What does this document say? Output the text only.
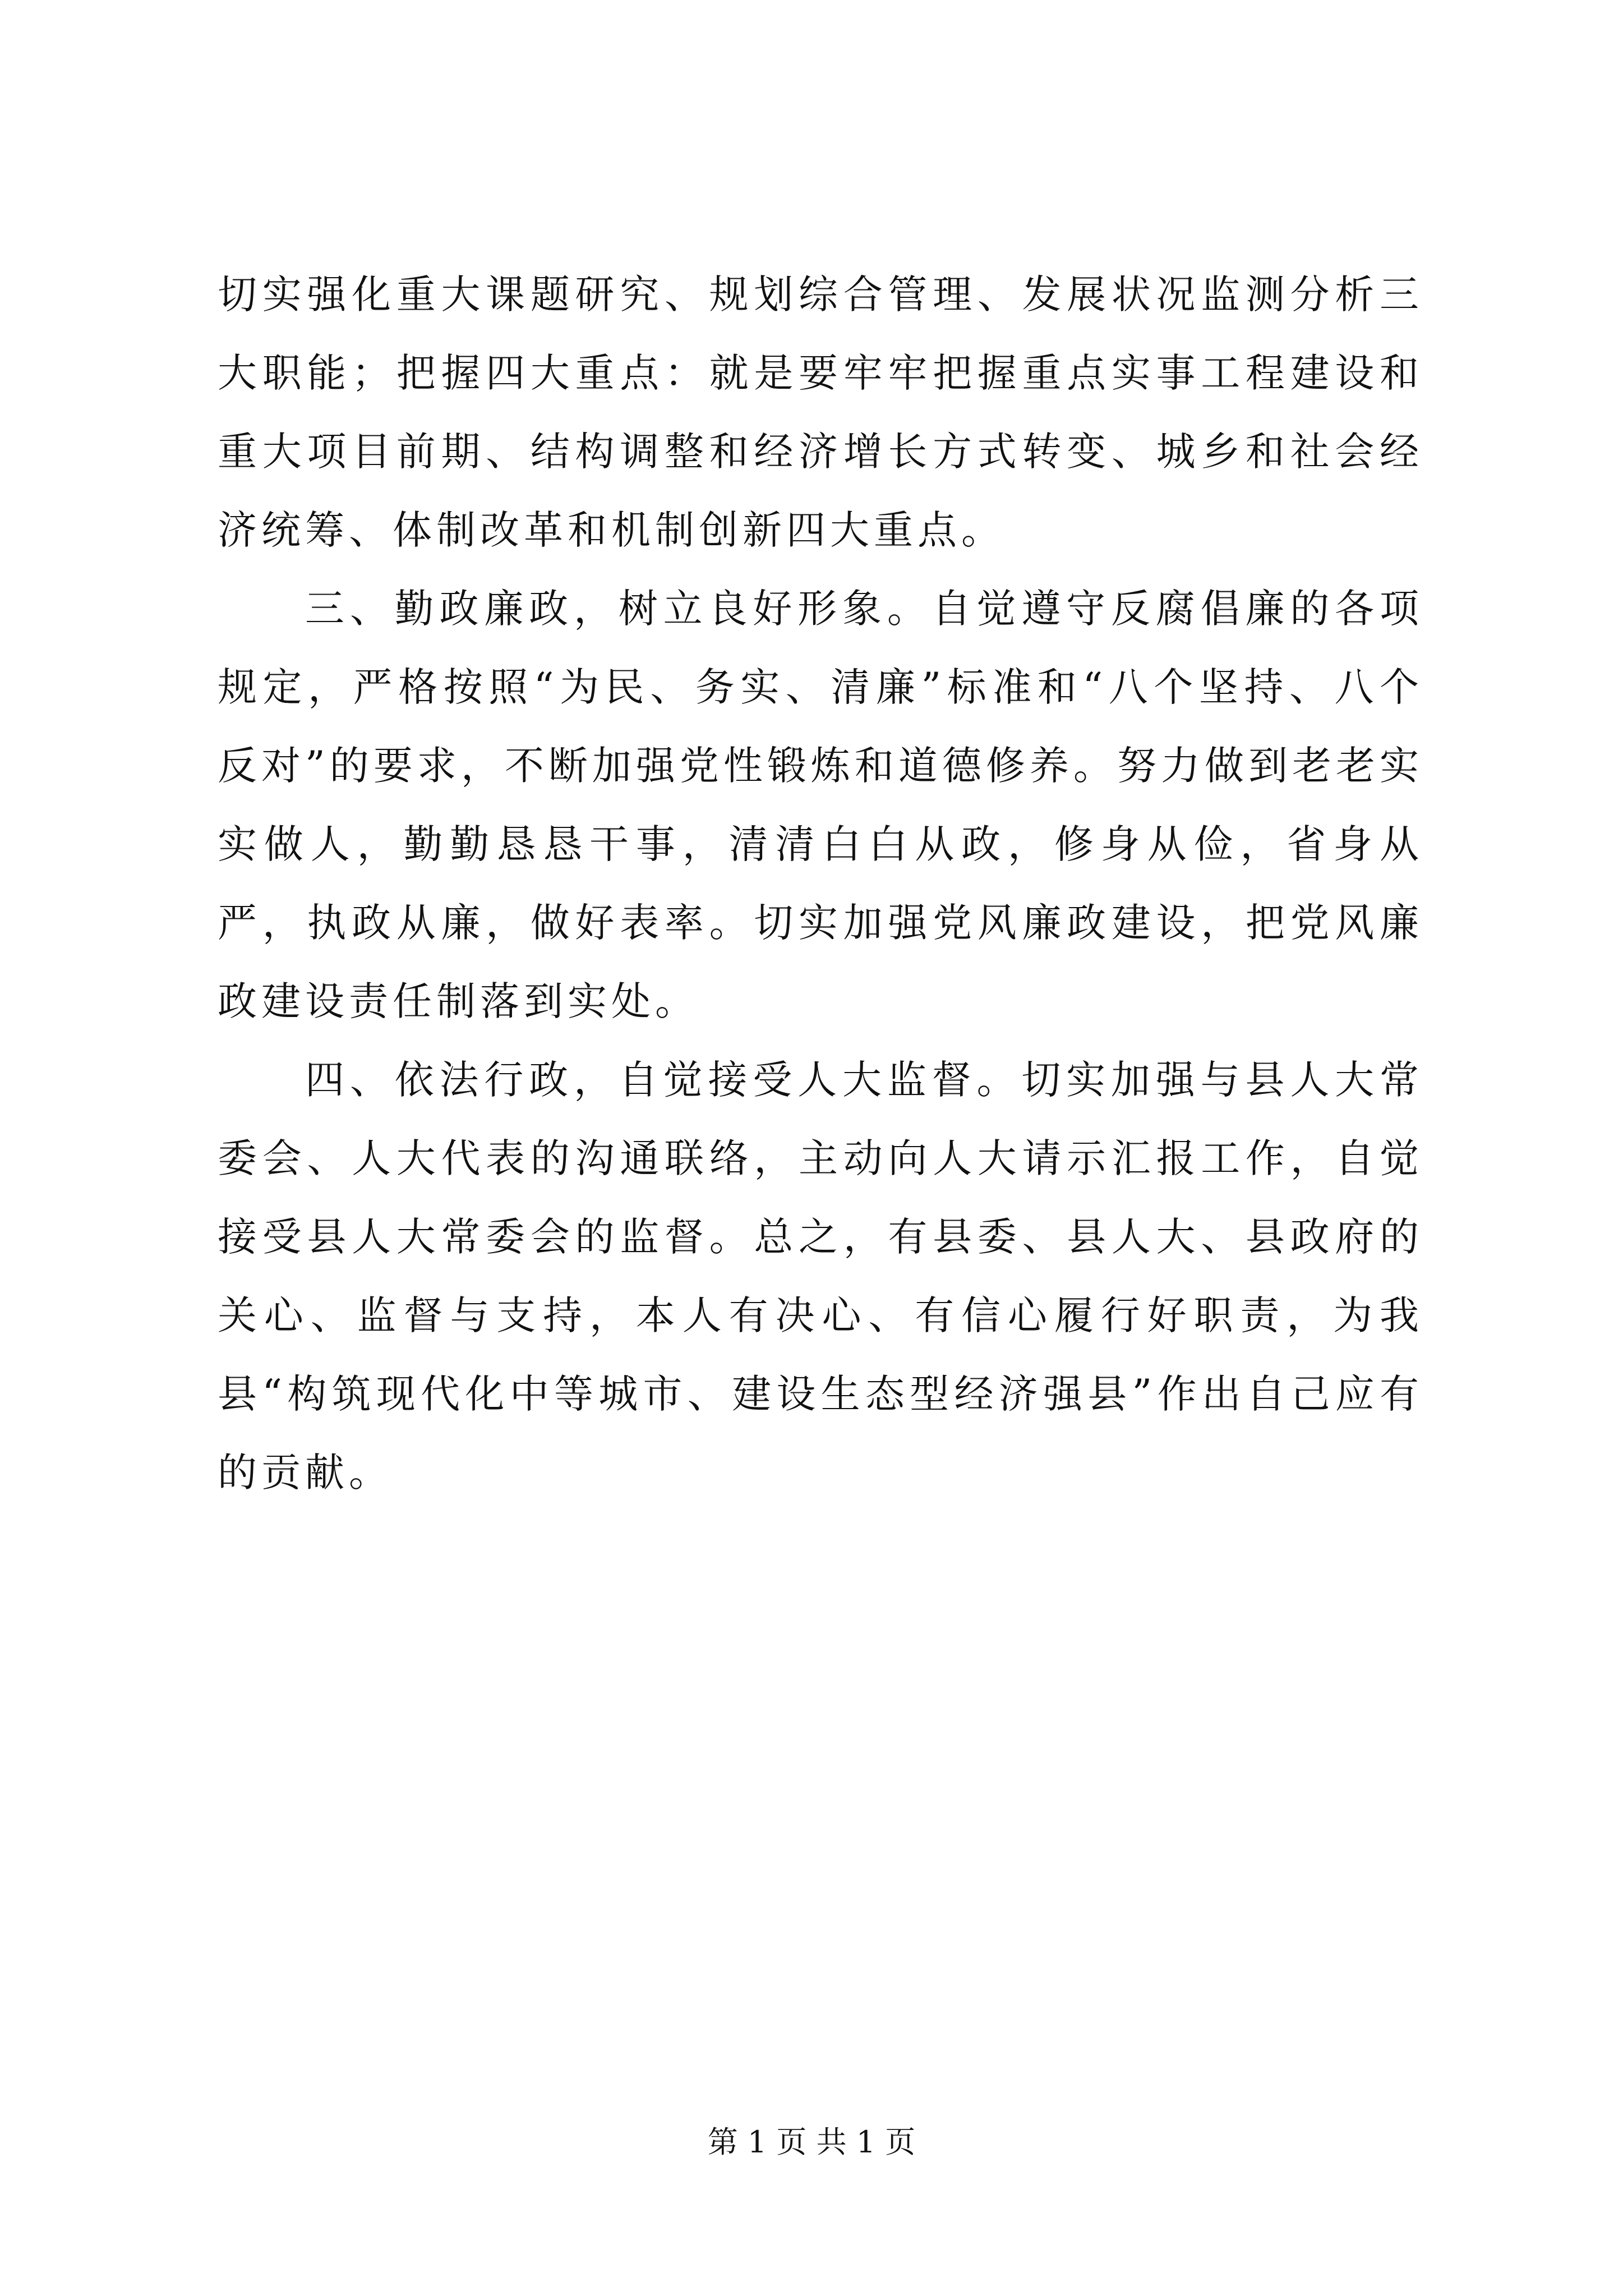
切实强化重大课题研究、规划综合管理、发展状况监测分析三大职能；把握四大重点：就是要牢牢把握重点实事工程建设和重大项目前期、结构调整和经济增长方式转变、城乡和社会经济统筹、体制改革和机制创新四大重点。

三、勤政廉政，树立良好形象。自觉遵守反腐倡廉的各项规定，严格按照“为民、务实、清廉”标准和“八个坚持、八个反对”的要求，不断加强党性锻炼和道德修养。努力做到老老实实做人，勤勤恳恳干事，清清白白从政，修身从俭，省身从严，执政从廉，做好表率。切实加强党风廉政建设，把党风廉政建设责任制落到实处。

四、依法行政，自觉接受人大监督。切实加强与县人大常委会、人大代表的沟通联络，主动向人大请示汇报工作，自觉接受县人大常委会的监督。总之，有县委、县人大、县政府的关心、监督与支持，本人有决心、有信心履行好职责，为我县“构筑现代化中等城市、建设生态型经济强县”作出自己应有的贡献。

第 1 页 共 1 页
